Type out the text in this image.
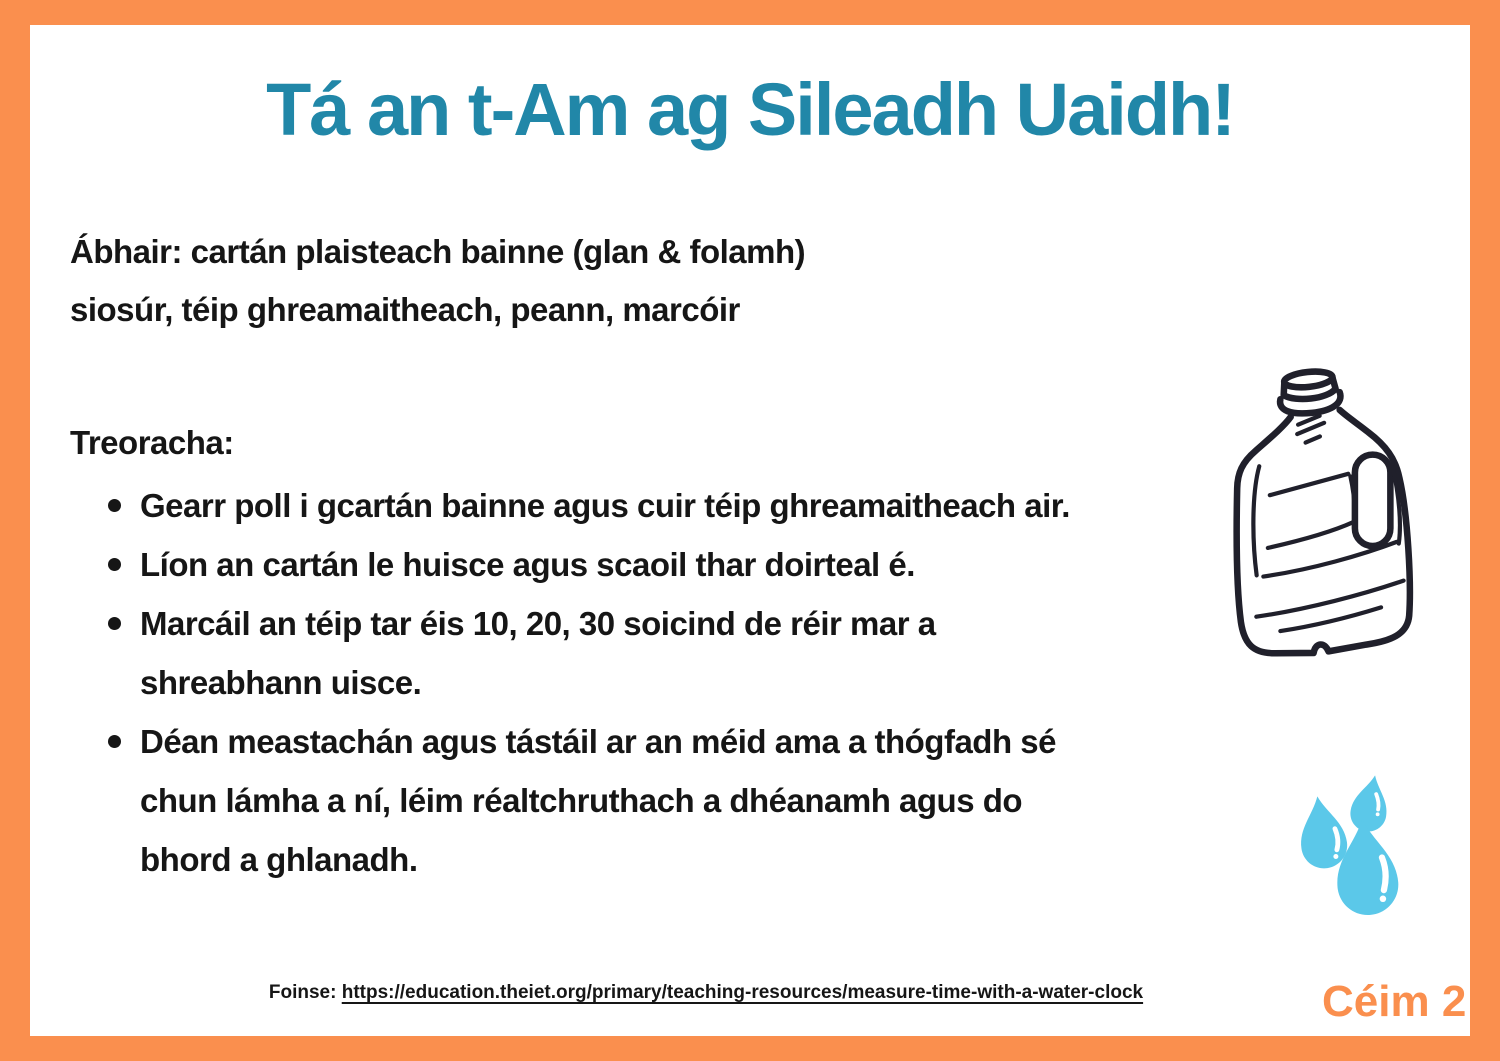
Tá an t-Am ag Sileadh Uaidh!
Ábhair: cartán plaisteach bainne (glan & folamh)
siosúr, téip ghreamaitheach, peann, marcóir
Treoracha:
Gearr poll i gcartán bainne agus cuir téip ghreamaitheach air.
Líon an cartán le huisce agus scaoil thar doirteal é.
Marcáil an téip tar éis 10, 20, 30 soicind de réir mar a
shreabhann uisce.
Déan meastachán agus tástáil ar an méid ama a thógfadh sé
chun lámha a ní, léim réaltchruthach a dhéanamh agus do
bhord a ghlanadh.
Foinse: https://education.theiet.org/primary/teaching-resources/measure-time-with-a-water-clock	Céim 2
